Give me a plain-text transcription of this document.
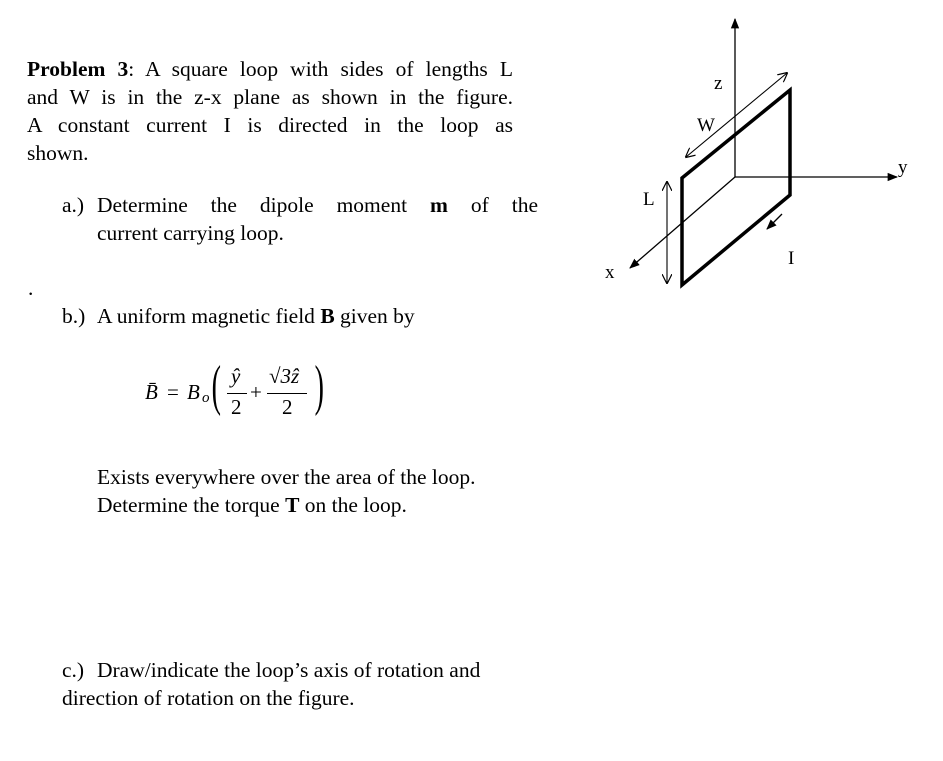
Problem 3: A square loop with sides of lengths L
and W is in the z-x plane as shown in the figure.
A constant current I is directed in the loop as
shown.
a.) Determine the dipole moment m of the
current carrying loop.
.
b.) A uniform magnetic field B given by
B̄ = B o ( ŷ
2
+
√3ẑ
2 )
Exists everywhere over the area of the loop.
Determine the torque T on the loop.
c.) Draw/indicate the loop’s axis of rotation and
direction of rotation on the figure.
z
y
x
W
L
I
